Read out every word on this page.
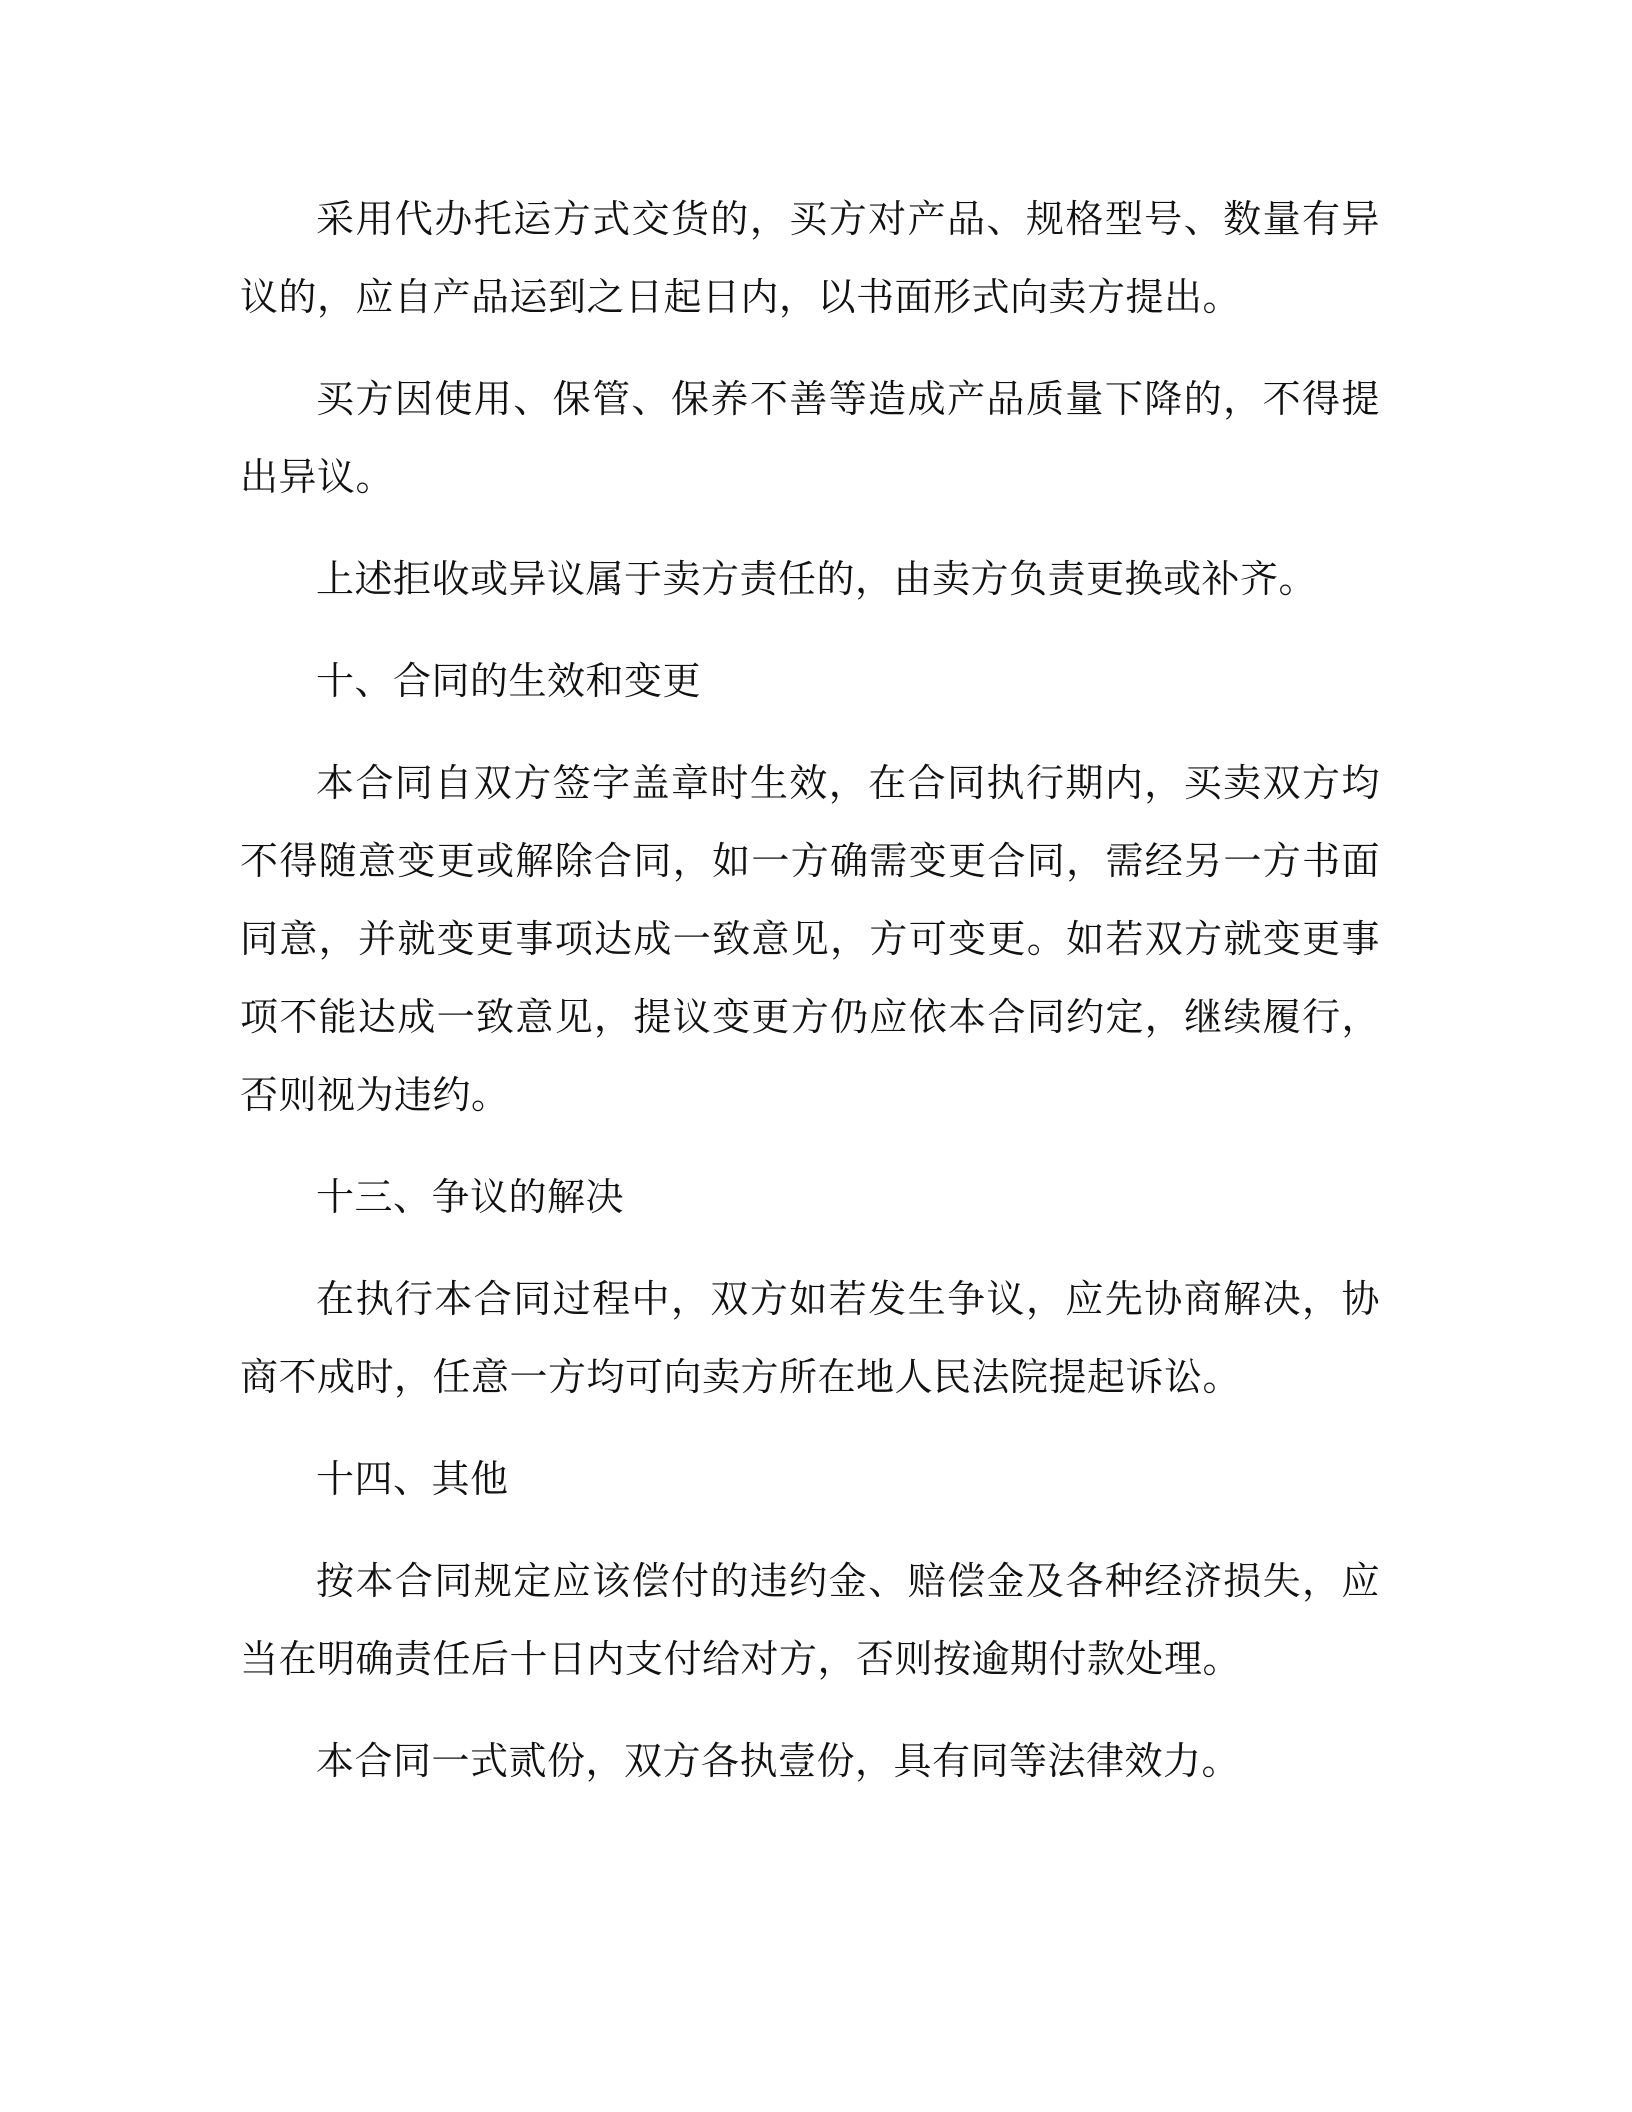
采用代办托运方式交货的，买方对产品、规格型号、数量有异议的，应自产品运到之日起日内，以书面形式向卖方提出。

买方因使用、保管、保养不善等造成产品质量下降的，不得提出异议。

上述拒收或异议属于卖方责任的，由卖方负责更换或补齐。

十、合同的生效和变更

本合同自双方签字盖章时生效，在合同执行期内，买卖双方均不得随意变更或解除合同，如一方确需变更合同，需经另一方书面同意，并就变更事项达成一致意见，方可变更。如若双方就变更事项不能达成一致意见，提议变更方仍应依本合同约定，继续履行，否则视为违约。

十三、争议的解决

在执行本合同过程中，双方如若发生争议，应先协商解决，协商不成时，任意一方均可向卖方所在地人民法院提起诉讼。

十四、其他

按本合同规定应该偿付的违约金、赔偿金及各种经济损失，应当在明确责任后十日内支付给对方，否则按逾期付款处理。

本合同一式贰份，双方各执壹份，具有同等法律效力。
